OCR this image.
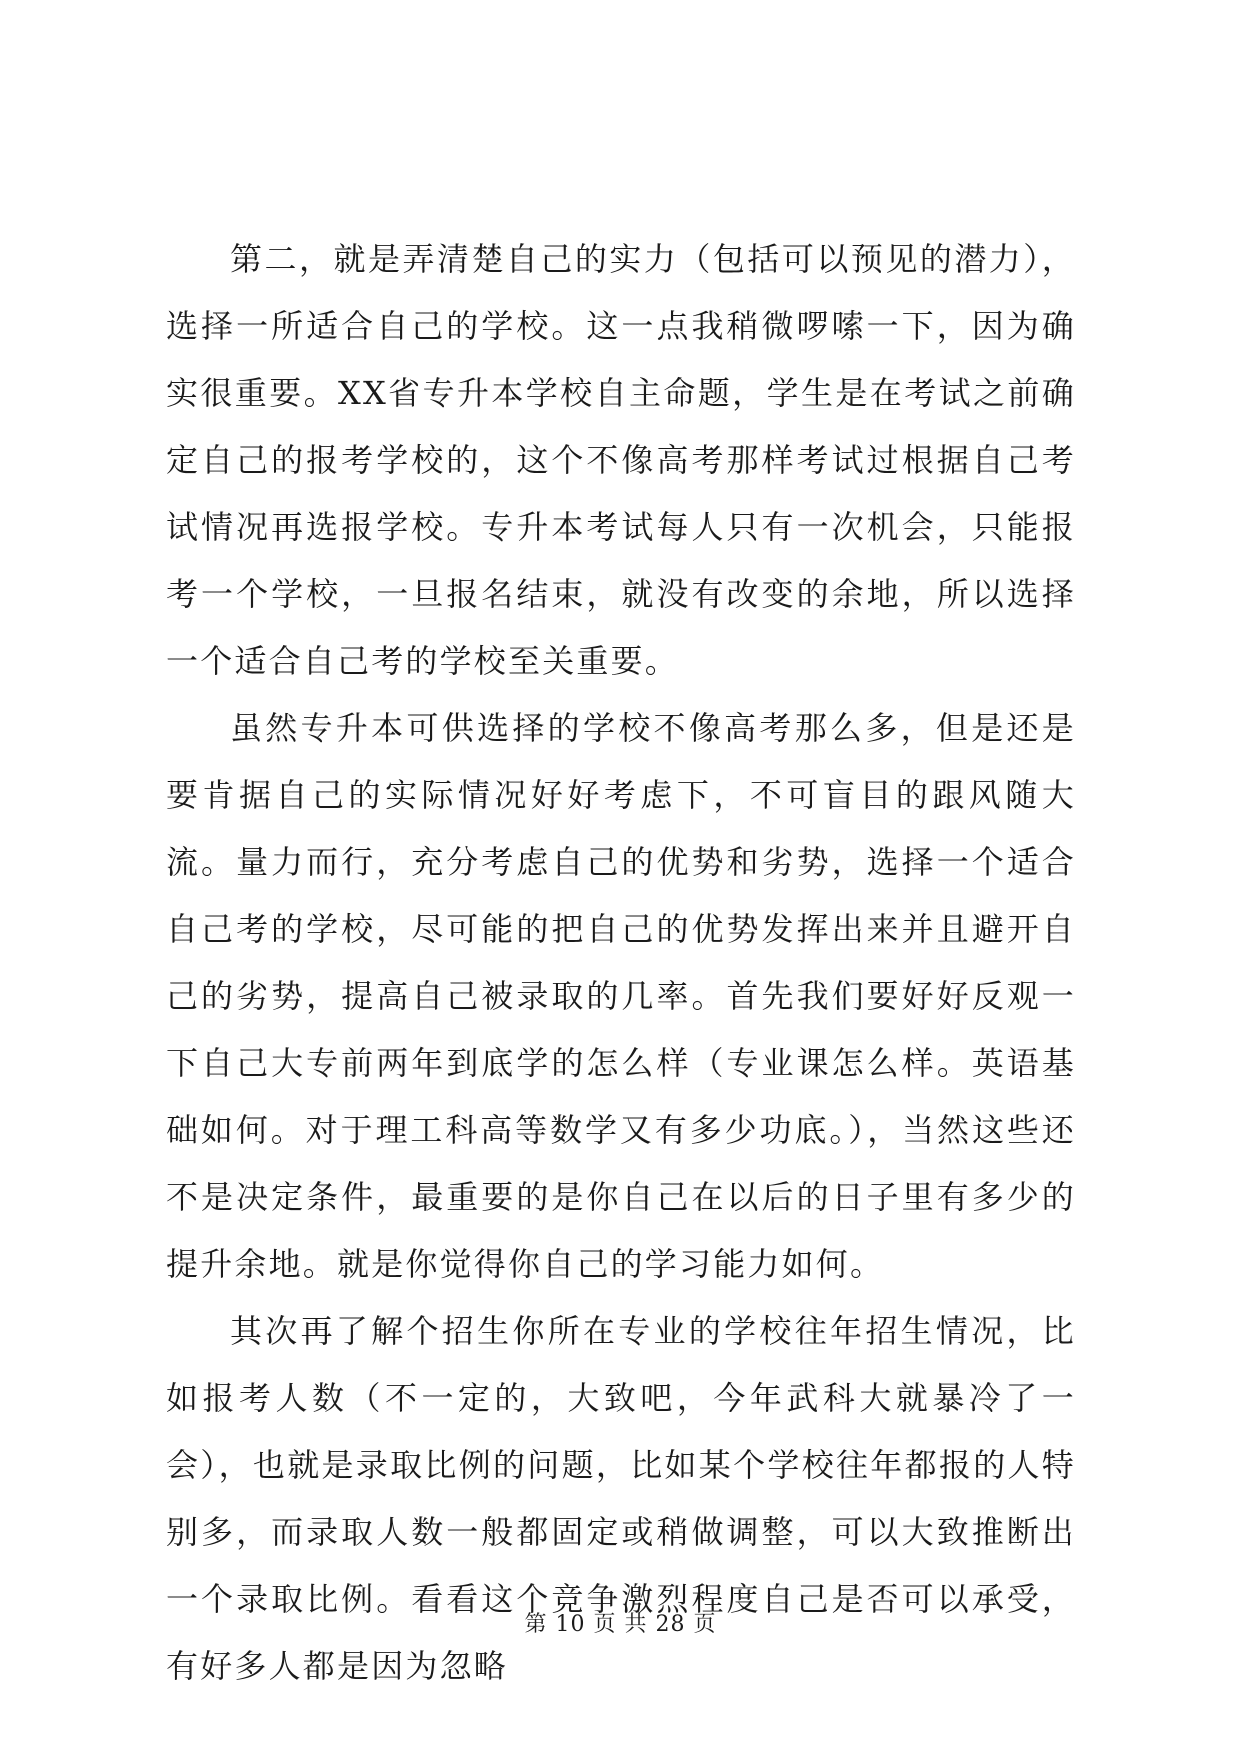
第二，就是弄清楚自己的实力（包括可以预见的潜力），选择一所适合自己的学校。这一点我稍微啰嗦一下，因为确实很重要。XX省专升本学校自主命题，学生是在考试之前确定自己的报考学校的，这个不像高考那样考试过根据自己考试情况再选报学校。专升本考试每人只有一次机会，只能报考一个学校，一旦报名结束，就没有改变的余地，所以选择一个适合自己考的学校至关重要。

虽然专升本可供选择的学校不像高考那么多，但是还是要肯据自己的实际情况好好考虑下，不可盲目的跟风随大流。量力而行，充分考虑自己的优势和劣势，选择一个适合自己考的学校，尽可能的把自己的优势发挥出来并且避开自己的劣势，提高自己被录取的几率。首先我们要好好反观一下自己大专前两年到底学的怎么样（专业课怎么样。英语基础如何。对于理工科高等数学又有多少功底。），当然这些还不是决定条件，最重要的是你自己在以后的日子里有多少的提升余地。就是你觉得你自己的学习能力如何。

其次再了解个招生你所在专业的学校往年招生情况，比如报考人数（不一定的，大致吧，今年武科大就暴冷了一会），也就是录取比例的问题，比如某个学校往年都报的人特别多，而录取人数一般都固定或稍做调整，可以大致推断出一个录取比例。看看这个竞争激烈程度自己是否可以承受，有好多人都是因为忽略

第 10 页 共 28 页
